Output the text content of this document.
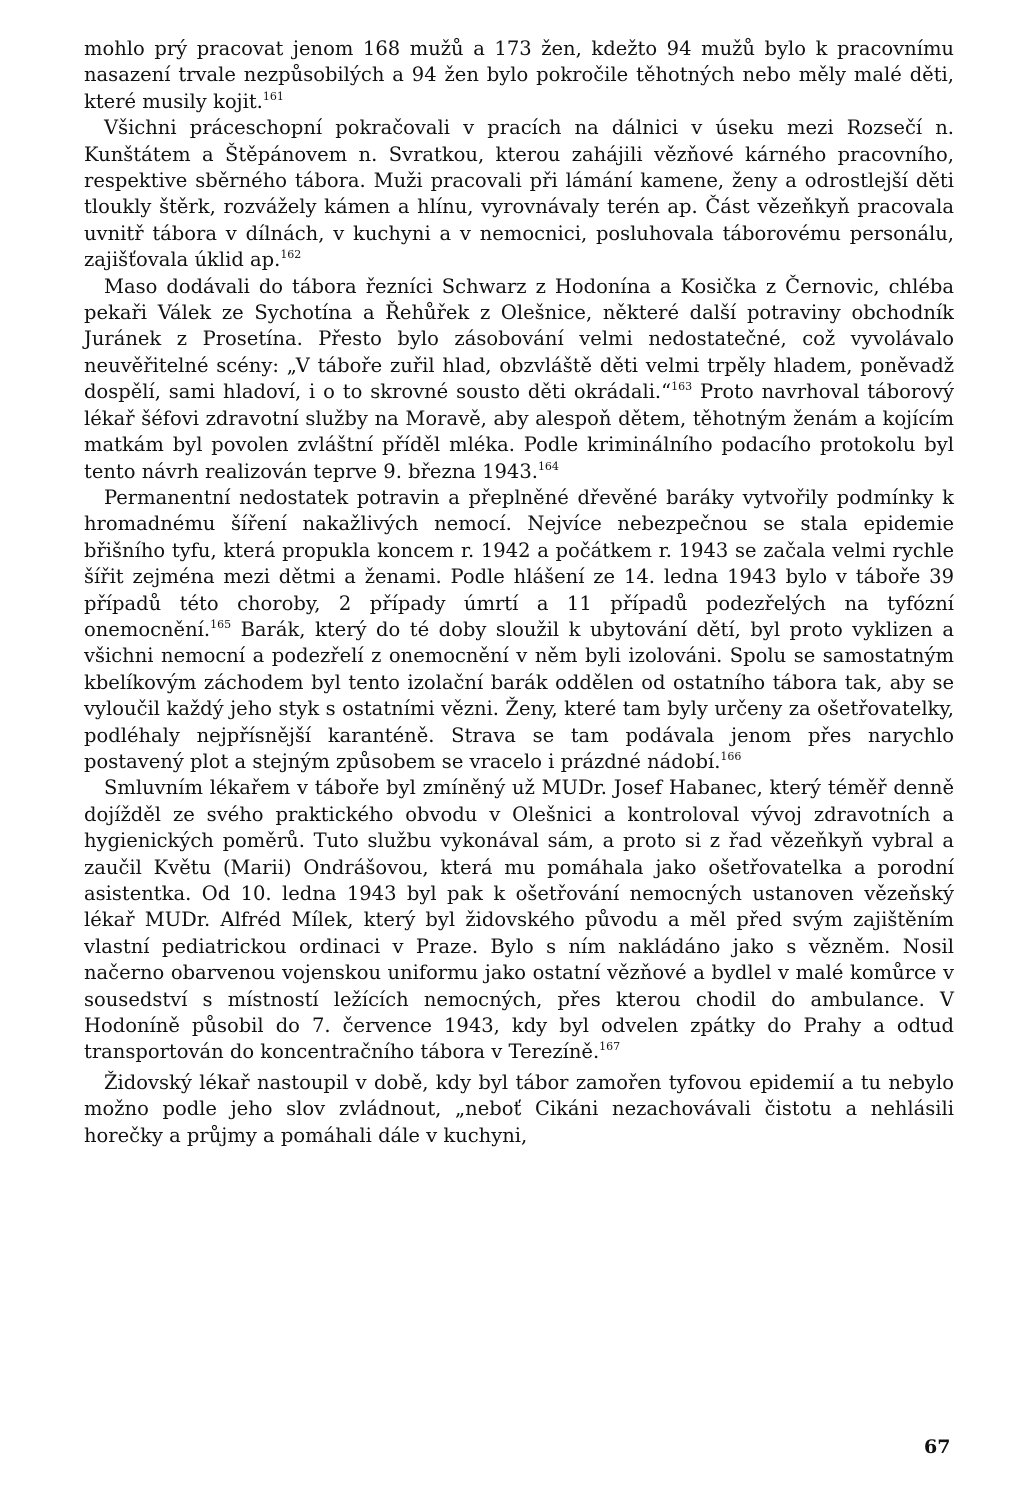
mohlo prý pracovat jenom 168 mužů a 173 žen, kdežto 94 mužů bylo k pracovnímu nasazení trvale nezpůsobilých a 94 žen bylo pokročile těhotných nebo měly malé děti, které musily kojit.$^{161}$

Všichni práceschopní pokračovali v pracích na dálnici v úseku mezi Rozsečí n. Kunštátem a Štěpánovem n. Svratkou, kterou zahájili vězňové kárného pracovního, respektive sběrného tábora. Muži pracovali při lámání kamene, ženy a odrostlejší děti tloukly štěrk, rozvážely kámen a hlínu, vyrovnávaly terén ap. Část vězeňkyň pracovala uvnitř tábora v dílnách, v kuchyni a v nemocnici, posluhovala táborovému personálu, zajišťovala úklid ap.$^{162}$

Maso dodávali do tábora řezníci Schwarz z Hodonína a Kosička z Černovic, chléba pekaři Válek ze Sychotína a Řehůřek z Olešnice, některé další potraviny obchodník Juránek z Prosetína. Přesto bylo zásobování velmi nedostatečné, což vyvolávalo neuvěřitelné scény: „V táboře zuřil hlad, obzvláště děti velmi trpěly hladem, poněvadž dospělí, sami hladoví, i o to skrovné sousto děti okrádali.“$^{163}$ Proto navrhoval táborový lékař šéfovi zdravotní služby na Moravě, aby alespoň dětem, těhotným ženám a kojícím matkám byl povolen zvláštní příděl mléka. Podle kriminálního podacího protokolu byl tento návrh realizován teprve 9. března 1943.$^{164}$

Permanentní nedostatek potravin a přeplněné dřevěné baráky vytvořily podmínky k hromadnému šíření nakažlivých nemocí. Nejvíce nebezpečnou se stala epidemie břišního tyfu, která propukla koncem r. 1942 a počátkem r. 1943 se začala velmi rychle šířit zejména mezi dětmi a ženami. Podle hlášení ze 14. ledna 1943 bylo v táboře 39 případů této choroby, 2 případy úmrtí a 11 případů podezřelých na tyfózní onemocnění.$^{165}$ Barák, který do té doby sloužil k ubytování dětí, byl proto vyklizen a všichni nemocní a podezřelí z onemocnění v něm byli izolováni. Spolu se samostatným kbelíkovým záchodem byl tento izolační barák oddělen od ostatního tábora tak, aby se vyloučil každý jeho styk s ostatními vězni. Ženy, které tam byly určeny za ošetřovatelky, podléhaly nejpřísnější karanténě. Strava se tam podávala jenom přes narychlo postavený plot a stejným způsobem se vracelo i prázdné nádobí.$^{166}$

Smluvním lékařem v táboře byl zmíněný už MUDr. Josef Habanec, který téměř denně dojížděl ze svého praktického obvodu v Olešnici a kontroloval vývoj zdravotních a hygienických poměrů. Tuto službu vykonával sám, a proto si z řad vězeňkyň vybral a zaučil Květu (Marii) Ondrášovou, která mu pomáhala jako ošetřovatelka a porodní asistentka. Od 10. ledna 1943 byl pak k ošetřování nemocných ustanoven vězeňský lékař MUDr. Alfréd Mílek, který byl židovského původu a měl před svým zajištěním vlastní pediatrickou ordinaci v Praze. Bylo s ním nakládáno jako s vězněm. Nosil načerno obarvenou vojenskou uniformu jako ostatní vězňové a bydlel v malé komůrce v sousedství s místností ležících nemocných, přes kterou chodil do ambulance. V Hodoníně působil do 7. července 1943, kdy byl odvelen zpátky do Prahy a odtud transportován do koncentračního tábora v Terezíně.$^{167}$

Židovský lékař nastoupil v době, kdy byl tábor zamořen tyfovou epidemií a tu nebylo možno podle jeho slov zvládnout, „neboť Cikáni nezachovávali čistotu a nehlásili horečky a průjmy a pomáhali dále v kuchyni,

67
